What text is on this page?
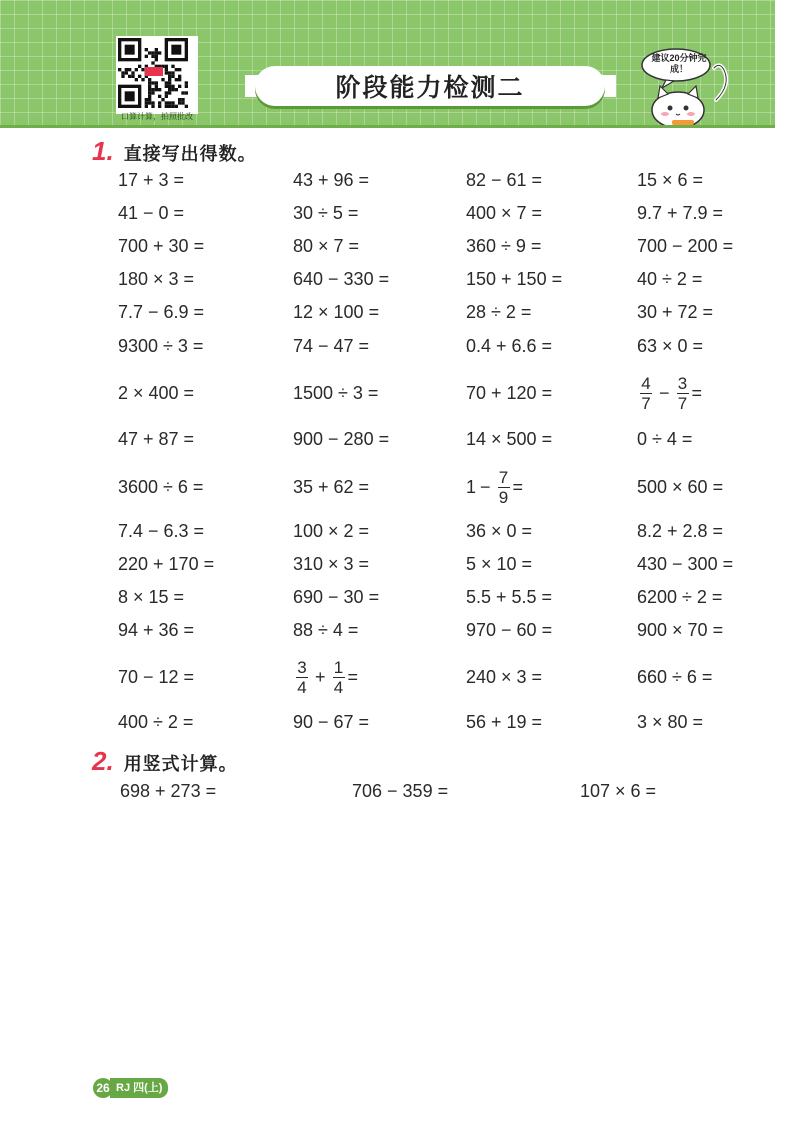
口算计算，拍照批改
阶段能力检测二
建议20分钟完成！
1. 直接写出得数。
17 + 3 =	43 + 96 =	82 − 61 =	15 × 6 =
41 − 0 =	30 ÷ 5 =	400 × 7 =	9.7 + 7.9 =
700 + 30 =	80 × 7 =	360 ÷ 9 =	700 − 200 =
180 × 3 =	640 − 330 =	150 + 150 =	40 ÷ 2 =
7.7 − 6.9 =	12 × 100 =	28 ÷ 2 =	30 + 72 =
9300 ÷ 3 =	74 − 47 =	0.4 + 6.6 =	63 × 0 =
2 × 400 =	1500 ÷ 3 =	70 + 120 =	$\frac{4}{7} - \frac{3}{7}$ =
47 + 87 =	900 − 280 =	14 × 500 =	0 ÷ 4 =
3600 ÷ 6 =	35 + 62 =	$1 - \frac{7}{9}$ =	500 × 60 =
7.4 − 6.3 =	100 × 2 =	36 × 0 =	8.2 + 2.8 =
220 + 170 =	310 × 3 =	5 × 10 =	430 − 300 =
8 × 15 =	690 − 30 =	5.5 + 5.5 =	6200 ÷ 2 =
94 + 36 =	88 ÷ 4 =	970 − 60 =	900 × 70 =
70 − 12 =	$\frac{3}{4} + \frac{1}{4}$ =	240 × 3 =	660 ÷ 6 =
400 ÷ 2 =	90 − 67 =	56 + 19 =	3 × 80 =
2. 用竖式计算。
698 + 273 =	706 − 359 =	107 × 6 =
26 RJ 四(上)
